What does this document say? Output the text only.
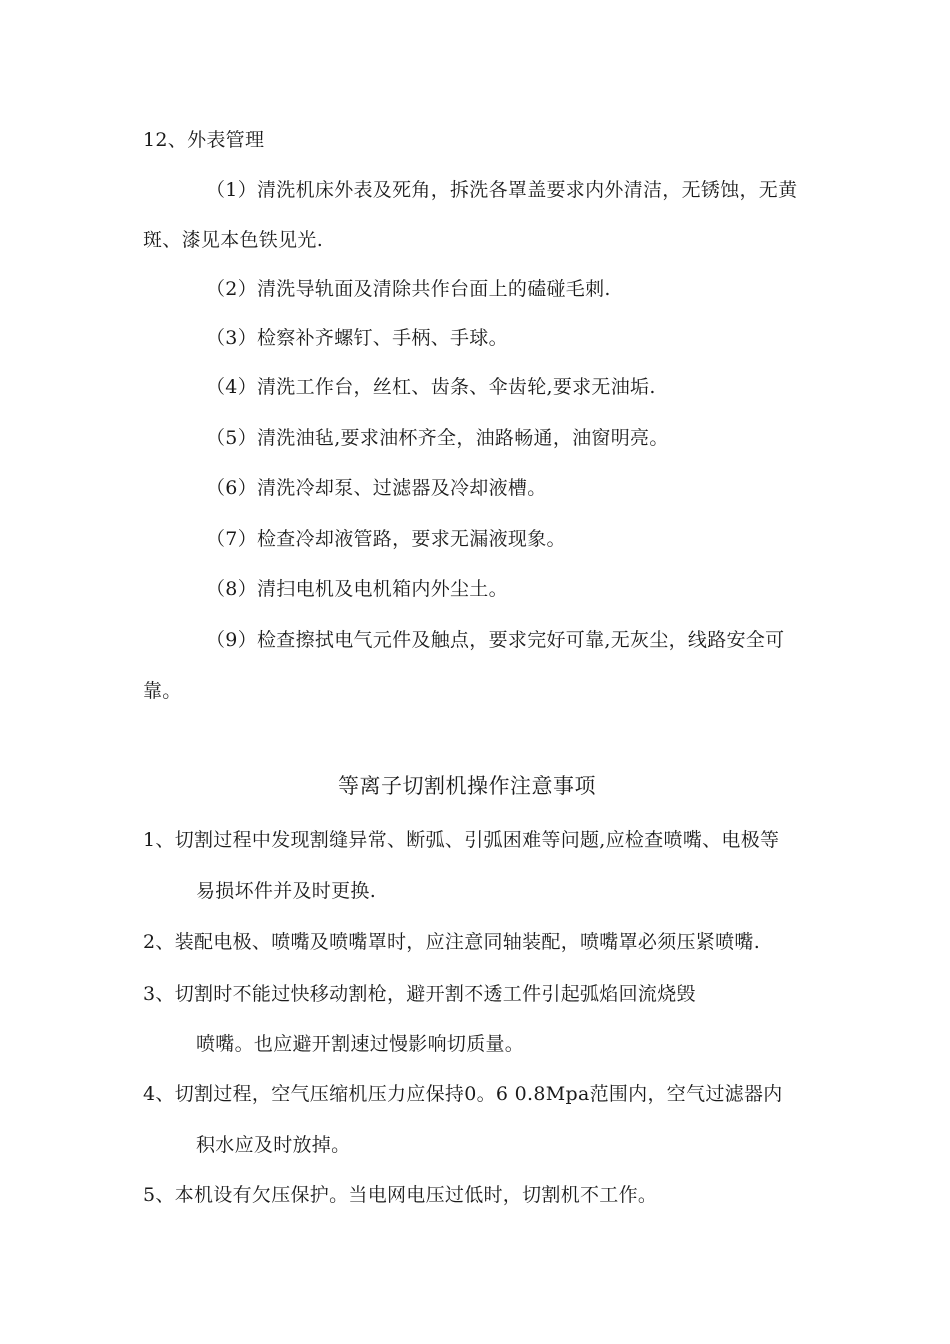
12、外表管理
（1）清洗机床外表及死角，拆洗各罩盖要求内外清洁，无锈蚀，无黄
斑、漆见本色铁见光.
（2）清洗导轨面及清除共作台面上的磕碰毛刺.
（3）检察补齐螺钉、手柄、手球。
（4）清洗工作台，丝杠、齿条、伞齿轮,要求无油垢.
（5）清洗油毡,要求油杯齐全，油路畅通，油窗明亮。
（6）清洗冷却泵、过滤器及冷却液槽。
（7）检查冷却液管路，要求无漏液现象。
（8）清扫电机及电机箱内外尘土。
（9）检查擦拭电气元件及触点，要求完好可靠,无灰尘，线路安全可
靠。
等离子切割机操作注意事项
1、切割过程中发现割缝异常、断弧、引弧困难等问题,应检查喷嘴、电极等
易损坏件并及时更换.
2、装配电极、喷嘴及喷嘴罩时，应注意同轴装配，喷嘴罩必须压紧喷嘴.
3、切割时不能过快移动割枪，避开割不透工件引起弧焰回流烧毁
喷嘴。也应避开割速过慢影响切质量。
4、切割过程，空气压缩机压力应保持0。6 0.8Mpa范围内，空气过滤器内
积水应及时放掉。
5、本机设有欠压保护。当电网电压过低时，切割机不工作。
